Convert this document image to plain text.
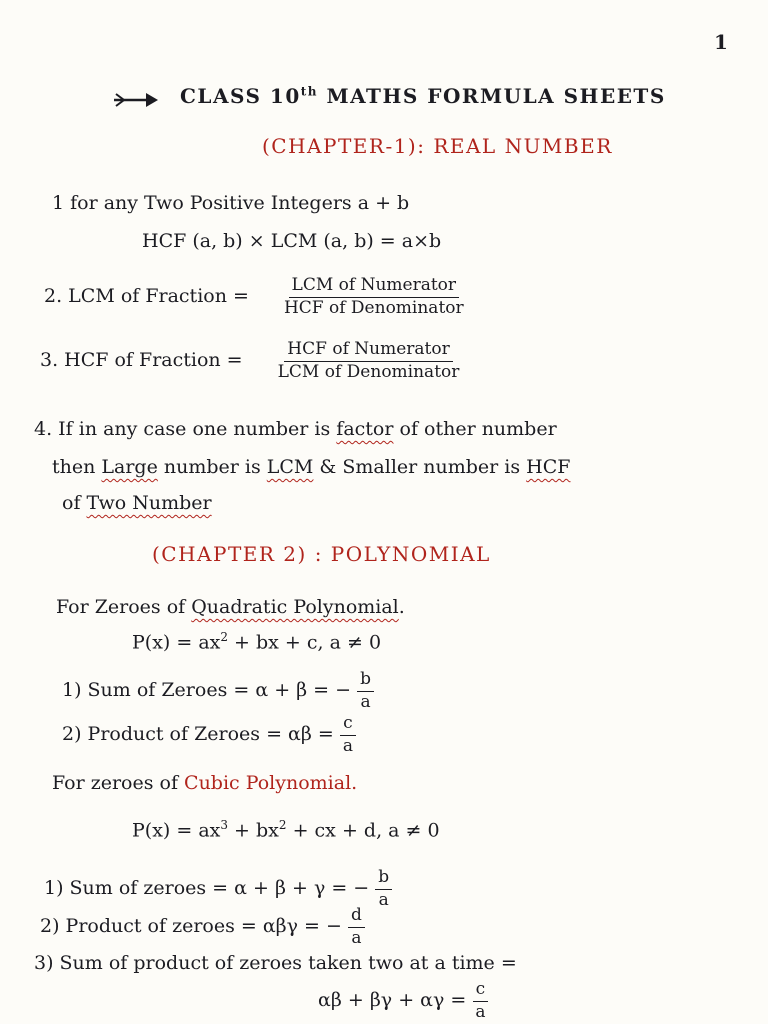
1
CLASS 10th MATHS FORMULA SHEETS
(CHAPTER-1): REAL NUMBER
1 for any Two Positive Integers a + b
HCF (a, b) × LCM (a, b) = a×b
2. LCM of Fraction = $\frac{\text{LCM of Numerator}}{\text{HCF of Denominator}}$
3. HCF of Fraction = $\frac{\text{HCF of Numerator}}{\text{LCM of Denominator}}$
4. If in any case one number is factor of other number
then Large number is LCM & Smaller number is HCF
of Two Number
(CHAPTER 2) : POLYNOMIAL
For Zeroes of Quadratic Polynomial.
$P(x) = ax^2$ + bx + c, a ≠ 0
1) Sum of Zeroes = α + β = − $\frac{b}{a}$
2) Product of Zeroes = $\alpha\beta = \frac{c}{a}$
For zeroes of Cubic Polynomial.
$P(x) = ax^3 + bx^2$ + cx + d, a ≠ 0
1) Sum of zeroes = α + β + γ = − $\frac{b}{a}$
2) Product of zeroes = αβγ = − $\frac{d}{a}$
3) Sum of product of zeroes taken two at a time =
$\alpha\beta + \beta\gamma + \alpha\gamma = \frac{c}{a}$
